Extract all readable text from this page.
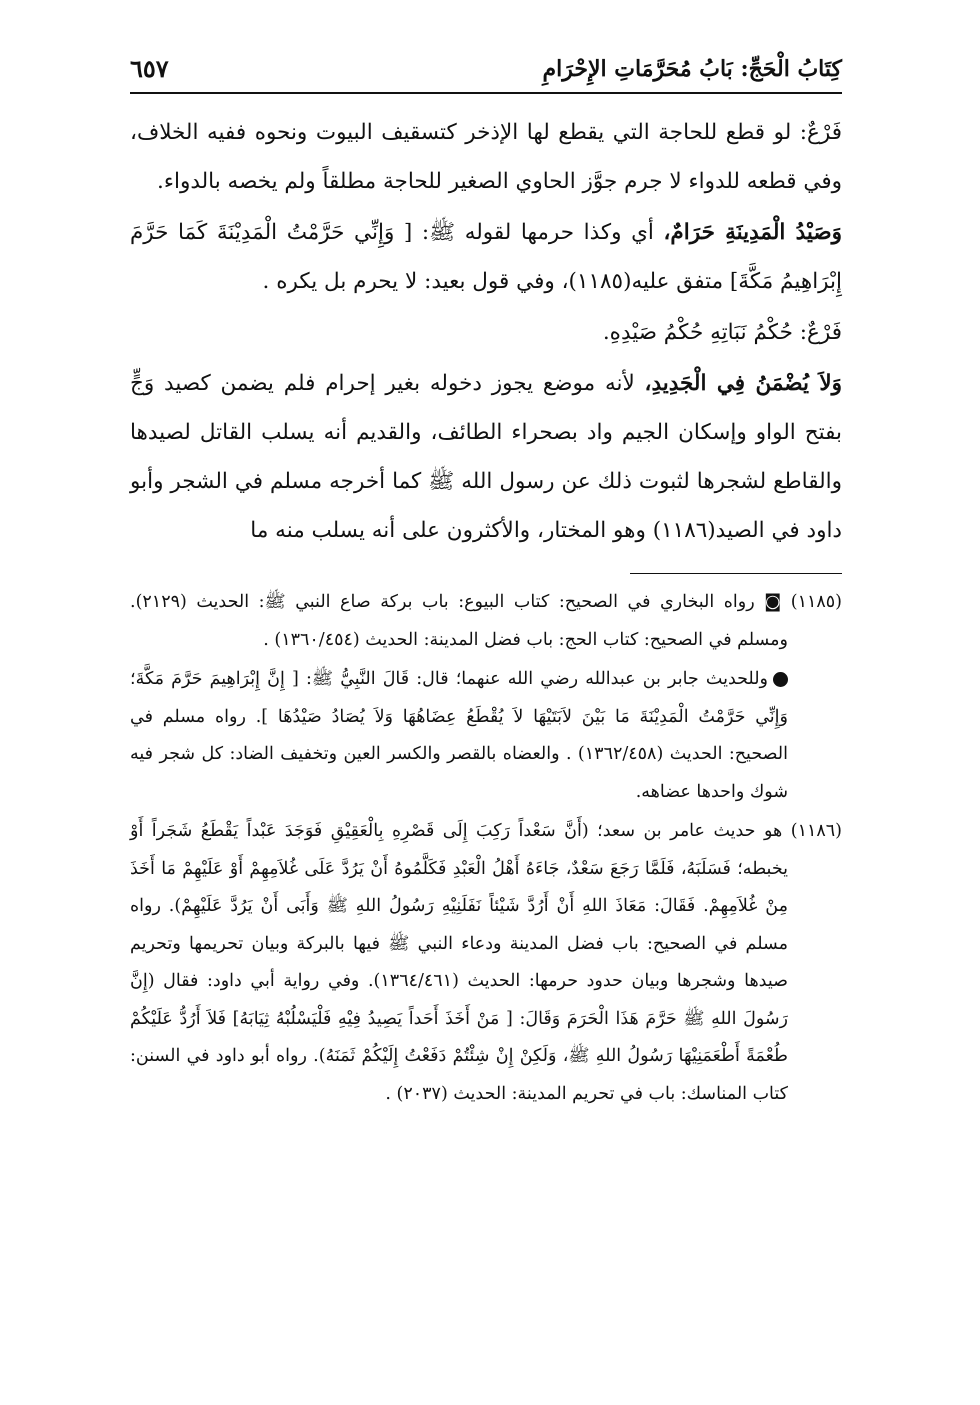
كِتَابُ الْحَجِّ: بَابُ مُحَرَّمَاتِ الإِحْرَامِ
٦٥٧

فَرْعٌ: لو قطع للحاجة التي يقطع لها الإذخر كتسقيف البيوت ونحوه ففيه الخلاف، وفي قطعه للدواء لا جرم جوَّز الحاوي الصغير للحاجة مطلقاً ولم يخصه بالدواء.

وَصَيْدُ الْمَدِينَةِ حَرَامٌ، أي وكذا حرمها لقوله ﷺ: [ وَإِنِّي حَرَّمْتُ الْمَدِيْنَةَ كَمَا حَرَّمَ إِبْرَاهِيمُ مَكَّةَ] متفق عليه(١١٨٥)، وفي قول بعيد: لا يحرم بل يكره .

فَرْعٌ: حُكْمُ نَبَاتِهِ حُكْمُ صَيْدِهِ.

وَلاَ يُضْمَنُ فِي الْجَدِيدِ، لأنه موضع يجوز دخوله بغير إحرام فلم يضمن كصيد وَجٍّ بفتح الواو وإسكان الجيم واد بصحراء الطائف، والقديم أنه يسلب القاتل لصيدها والقاطع لشجرها لثبوت ذلك عن رسول الله ﷺ كما أخرجه مسلم في الشجر وأبو داود في الصيد(١١٨٦) وهو المختار، والأكثرون على أنه يسلب منه ما

(١١٨٥) ◙ رواه البخاري في الصحيح: كتاب البيوع: باب بركة صاع النبي ﷺ: الحديث (٢١٢٩). ومسلم في الصحيح: كتاب الحج: باب فضل المدينة: الحديث (١٣٦٠/٤٥٤) .

وللحديث جابر بن عبدالله رضي الله عنهما؛ قال: قَالَ النَّبِيُّ ﷺ: [ إِنَّ إِبْرَاهِيمَ حَرَّمَ مَكَّةَ؛ وَإِنِّي حَرَّمْتُ الْمَدِيْنَةَ مَا بَيْنَ لاَبَتَيْهَا لاَ يُقْطَعُ عِضَاهُهَا وَلاَ يُصَادُ صَيْدُهَا ]. رواه مسلم في الصحيح: الحديث (١٣٦٢/٤٥٨) . والعضاه بالقصر والكسر العين وتخفيف الضاد: كل شجر فيه شوك واحدها عضاهه.

(١١٨٦) هو حديث عامر بن سعد؛ (أَنَّ سَعْداً رَكِبَ إِلَى قَصْرِهِ بِالْعَقِيْقِ فَوَجَدَ عَبْداً يَقْطَعُ شَجَراً أَوْ يخبطه؛ فَسَلَبَهُ، فَلَمَّا رَجَعَ سَعْدٌ، جَاءَهُ أَهْلُ الْعَبْدِ فَكَلَّمُوهُ أَنْ يَرُدَّ عَلَى غُلاَمِهِمْ أَوْ عَلَيْهِمْ مَا أَخَذَ مِنْ غُلاَمِهِمْ. فَقَالَ: مَعَاذَ اللهِ أَنْ أَرُدَّ شَيْئاً نَفَلَنِيْهِ رَسُولُ اللهِ ﷺ وَأَبَى أَنْ يَرُدَّ عَلَيْهِمْ). رواه مسلم في الصحيح: باب فضل المدينة ودعاء النبي ﷺ فيها بالبركة وبيان تحريمها وتحريم صيدها وشجرها وبيان حدود حرمها: الحديث (١٣٦٤/٤٦١). وفي رواية أبي داود: فقال (إِنَّ رَسُولَ اللهِ ﷺ حَرَّمَ هَذَا الْحَرَمَ وَقَالَ: [ مَنْ أَخَذَ أَحَداً يَصِيدُ فِيْهِ فَلْيَسْلُبْهُ ثِيَابَهُ] فَلاَ أَرُدُّ عَلَيْكُمْ طُعْمَةً أَطْعَمَنِيْهَا رَسُولُ اللهِ ﷺ، وَلَكِنْ إِنْ شِئْتُمْ دَفَعْتُ إِلَيْكُمْ ثَمَنَهُ). رواه أبو داود في السنن: كتاب المناسك: باب في تحريم المدينة: الحديث (٢٠٣٧) .
